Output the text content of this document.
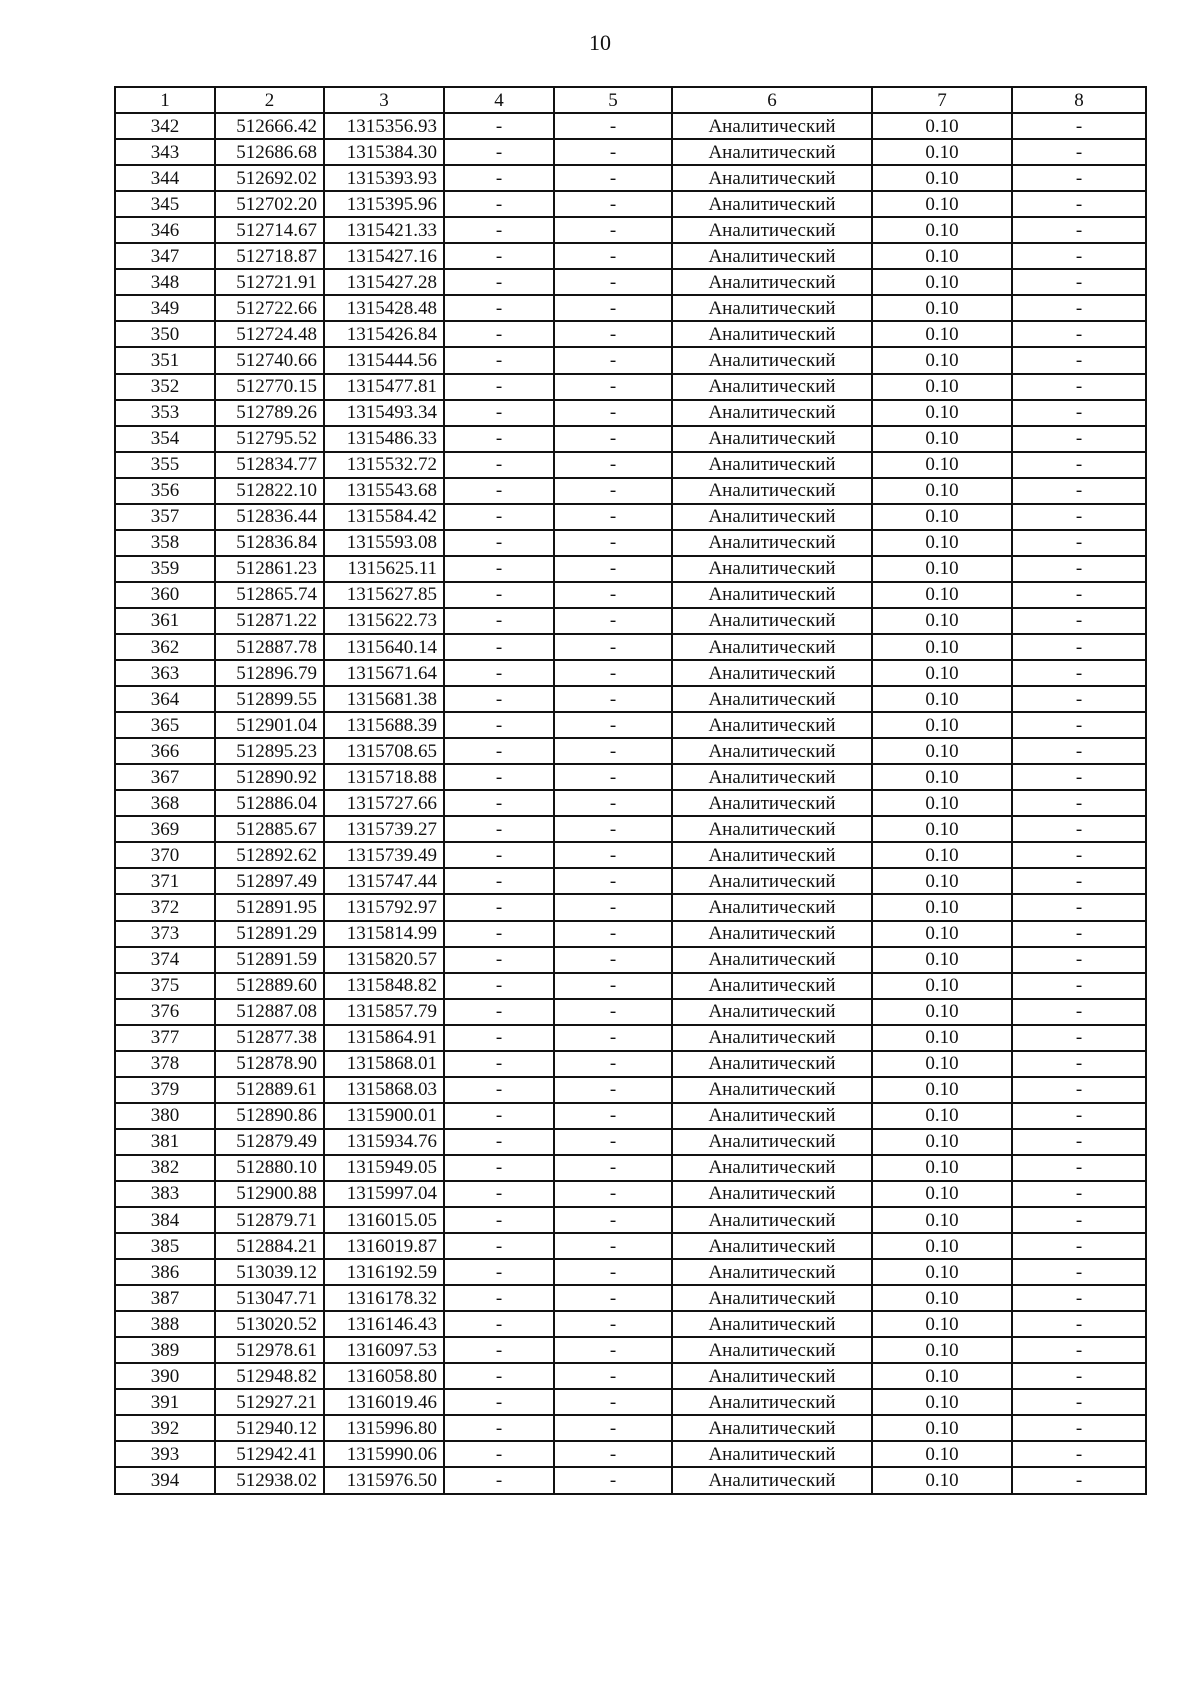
10
1	2	3	4	5	6	7	8
342	512666.42	1315356.93	-	-	Аналитический	0.10	-
343	512686.68	1315384.30	-	-	Аналитический	0.10	-
344	512692.02	1315393.93	-	-	Аналитический	0.10	-
345	512702.20	1315395.96	-	-	Аналитический	0.10	-
346	512714.67	1315421.33	-	-	Аналитический	0.10	-
347	512718.87	1315427.16	-	-	Аналитический	0.10	-
348	512721.91	1315427.28	-	-	Аналитический	0.10	-
349	512722.66	1315428.48	-	-	Аналитический	0.10	-
350	512724.48	1315426.84	-	-	Аналитический	0.10	-
351	512740.66	1315444.56	-	-	Аналитический	0.10	-
352	512770.15	1315477.81	-	-	Аналитический	0.10	-
353	512789.26	1315493.34	-	-	Аналитический	0.10	-
354	512795.52	1315486.33	-	-	Аналитический	0.10	-
355	512834.77	1315532.72	-	-	Аналитический	0.10	-
356	512822.10	1315543.68	-	-	Аналитический	0.10	-
357	512836.44	1315584.42	-	-	Аналитический	0.10	-
358	512836.84	1315593.08	-	-	Аналитический	0.10	-
359	512861.23	1315625.11	-	-	Аналитический	0.10	-
360	512865.74	1315627.85	-	-	Аналитический	0.10	-
361	512871.22	1315622.73	-	-	Аналитический	0.10	-
362	512887.78	1315640.14	-	-	Аналитический	0.10	-
363	512896.79	1315671.64	-	-	Аналитический	0.10	-
364	512899.55	1315681.38	-	-	Аналитический	0.10	-
365	512901.04	1315688.39	-	-	Аналитический	0.10	-
366	512895.23	1315708.65	-	-	Аналитический	0.10	-
367	512890.92	1315718.88	-	-	Аналитический	0.10	-
368	512886.04	1315727.66	-	-	Аналитический	0.10	-
369	512885.67	1315739.27	-	-	Аналитический	0.10	-
370	512892.62	1315739.49	-	-	Аналитический	0.10	-
371	512897.49	1315747.44	-	-	Аналитический	0.10	-
372	512891.95	1315792.97	-	-	Аналитический	0.10	-
373	512891.29	1315814.99	-	-	Аналитический	0.10	-
374	512891.59	1315820.57	-	-	Аналитический	0.10	-
375	512889.60	1315848.82	-	-	Аналитический	0.10	-
376	512887.08	1315857.79	-	-	Аналитический	0.10	-
377	512877.38	1315864.91	-	-	Аналитический	0.10	-
378	512878.90	1315868.01	-	-	Аналитический	0.10	-
379	512889.61	1315868.03	-	-	Аналитический	0.10	-
380	512890.86	1315900.01	-	-	Аналитический	0.10	-
381	512879.49	1315934.76	-	-	Аналитический	0.10	-
382	512880.10	1315949.05	-	-	Аналитический	0.10	-
383	512900.88	1315997.04	-	-	Аналитический	0.10	-
384	512879.71	1316015.05	-	-	Аналитический	0.10	-
385	512884.21	1316019.87	-	-	Аналитический	0.10	-
386	513039.12	1316192.59	-	-	Аналитический	0.10	-
387	513047.71	1316178.32	-	-	Аналитический	0.10	-
388	513020.52	1316146.43	-	-	Аналитический	0.10	-
389	512978.61	1316097.53	-	-	Аналитический	0.10	-
390	512948.82	1316058.80	-	-	Аналитический	0.10	-
391	512927.21	1316019.46	-	-	Аналитический	0.10	-
392	512940.12	1315996.80	-	-	Аналитический	0.10	-
393	512942.41	1315990.06	-	-	Аналитический	0.10	-
394	512938.02	1315976.50	-	-	Аналитический	0.10	-
